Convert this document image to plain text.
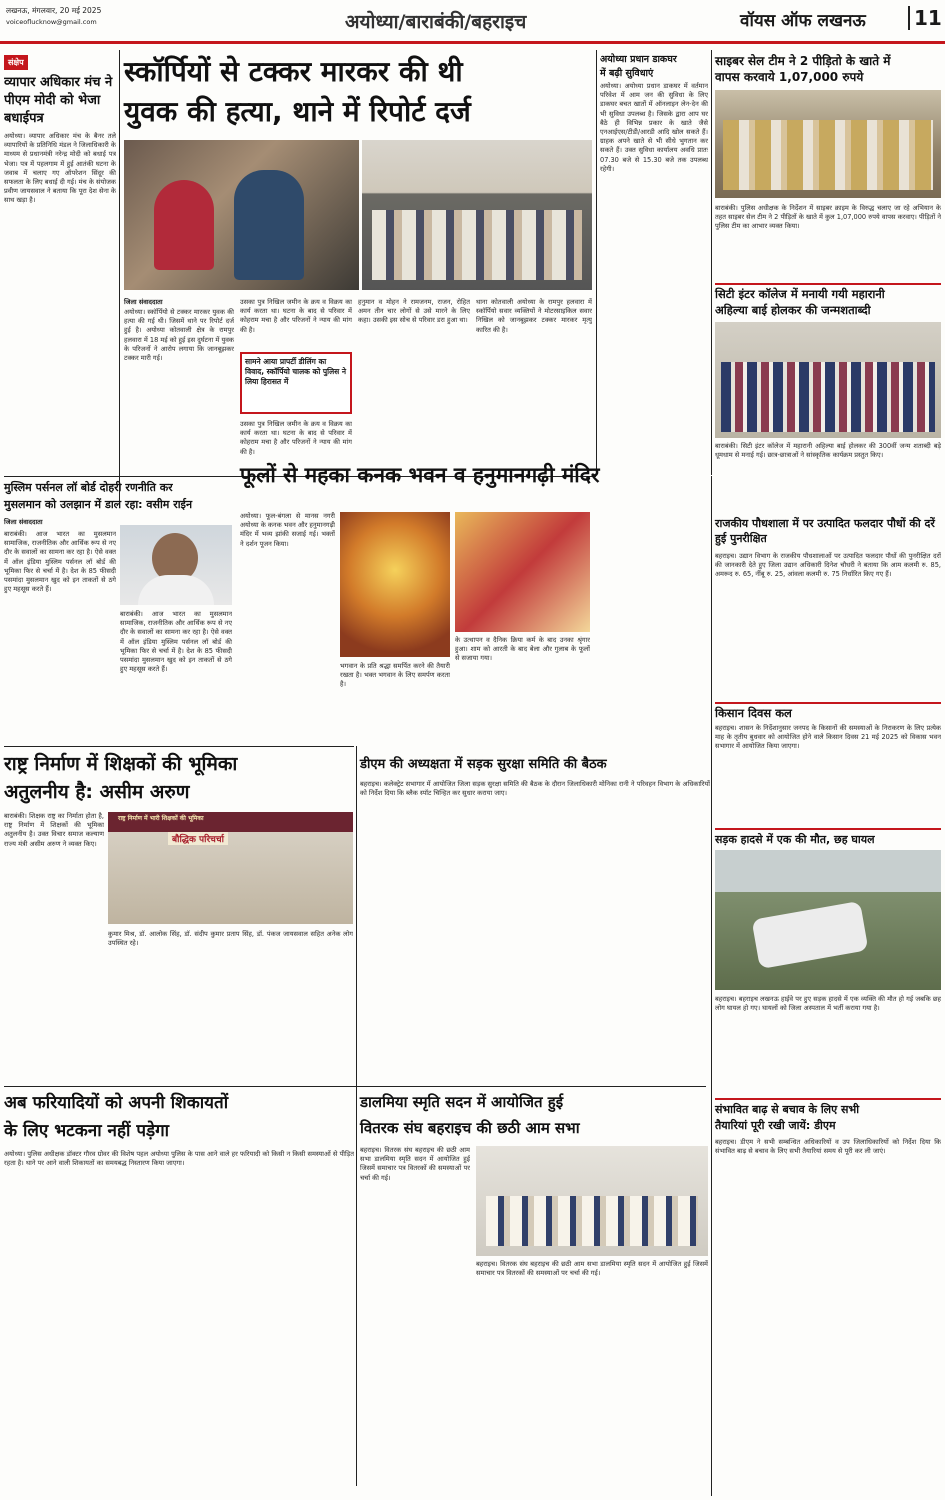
लखनऊ, मंगलवार, 20 मई 2025
voiceoflucknow@gmail.com	अयोध्या/बाराबंकी/बहराइच	वॉयस ऑफ लखनऊ	11
संक्षेप
व्यापार अधिकार मंच ने पीएम मोदी को भेजा बधाईपत्र
अयोध्या। व्यापार अधिकार मंच के बैनर तले व्यापारियों के प्रतिनिधि मंडल ने जिलाधिकारी के माध्यम से प्रधानमंत्री नरेन्द्र मोदी को बधाई पत्र भेजा। पत्र में पहलगाम में हुई आतंकी घटना के जवाब में चलाए गए ऑपरेशन सिंदूर की सफलता के लिए बधाई दी गई। मंच के संयोजक प्रवीण जायसवाल ने बताया कि पूरा देश सेना के साथ खड़ा है।
स्कॉर्पियों से टक्कर मारकर की थी
युवक की हत्या, थाने में रिपोर्ट दर्ज
जिला संवाददाता
अयोध्या। स्कॉर्पियो से टक्कर मारकर युवक की हत्या की गई थी। जिसमें थाने पर रिपोर्ट दर्ज हुई है। अयोध्या कोतवाली क्षेत्र के रामपुर हलवारा में 18 मई को हुई इस दुर्घटना में युवक के परिजनों ने आरोप लगाया कि जानबूझकर टक्कर मारी गई।
उसका पुत्र निखिल जमीन के क्रय व विक्रय का कार्य करता था। घटना के बाद से परिवार में कोहराम मचा है और परिजनों ने न्याय की मांग की है।
सामने आया प्रापर्टी डीलिंग का विवाद, स्कॉर्पियो चालक को पुलिस ने लिया हिरासत में
उसका पुत्र निखिल जमीन के क्रय व विक्रय का कार्य करता था। घटना के बाद से परिवार में कोहराम मचा है और परिजनों ने न्याय की मांग की है।
हनुमान व मोहन ने रामजनम, राजन, रोहित अमन तीन चार लोगों से उसे मारने के लिए कहा। उसकी इस सोच से परिवार डरा हुआ था।
थाना कोतवाली अयोध्या के रामपुर हलवारा में स्कॉर्पियो सवार व्यक्तियों ने मोटरसाइकिल सवार निखिल को जानबूझकर टक्कर मारकर मृत्यु कारित की है।
अयोध्या प्रधान डाकघर
में बढ़ी सुविधाएं
अयोध्या। अयोध्या प्रधान डाकघर में वर्तमान परिवेश में आम जन की सुविधा के लिए डाकघर बचत खातों में ऑनलाइन लेन-देन की भी सुविधा उपलब्ध है। जिसके द्वारा आप घर बैठे ही विभिन्न प्रकार के खाते जैसे एनआईएस/टीडी/आरडी आदि खोल सकते हैं। ग्राहक अपने खाते से भी सीधे भुगतान कर सकते हैं। उक्त सुविधा कार्यालय अवधि प्रातः 07.30 बजे से 15.30 बजे तक उपलब्ध रहेगी।
साइबर सेल टीम ने 2 पीड़ितो के खाते में
वापस करवाये 1,07,000 रुपये
बाराबंकी। पुलिस अधीक्षक के निर्देशन में साइबर क्राइम के विरुद्ध चलाए जा रहे अभियान के तहत साइबर सेल टीम ने 2 पीड़ितों के खाते में कुल 1,07,000 रुपये वापस करवाए। पीड़ितों ने पुलिस टीम का आभार व्यक्त किया।
सिटी इंटर कॉलेज में मनायी गयी महारानी
अहिल्या बाई होलकर की जन्मशताब्दी
बाराबंकी। सिटी इंटर कॉलेज में महारानी अहिल्या बाई होलकर की 300वीं जन्म शताब्दी बड़े धूमधाम से मनाई गई। छात्र-छात्राओं ने सांस्कृतिक कार्यक्रम प्रस्तुत किए।
मुस्लिम पर्सनल लॉ बोर्ड दोहरी रणनीति कर
मुसलमान को उलझान में डाल रहा: वसीम राईन
जिला संवाददाता
बाराबंकी। आज भारत का मुसलमान सामाजिक, राजनीतिक और आर्थिक रूप से नए दौर के सवालों का सामना कर रहा है। ऐसे वक्त में ऑल इंडिया मुस्लिम पर्सनल लॉ बोर्ड की भूमिका फिर से चर्चा में है। देश के 85 फीसदी पसमांदा मुसलमान खुद को इन ताकतों से ठगे हुए महसूस करते हैं।
बाराबंकी। आज भारत का मुसलमान सामाजिक, राजनीतिक और आर्थिक रूप से नए दौर के सवालों का सामना कर रहा है। ऐसे वक्त में ऑल इंडिया मुस्लिम पर्सनल लॉ बोर्ड की भूमिका फिर से चर्चा में है। देश के 85 फीसदी पसमांदा मुसलमान खुद को इन ताकतों से ठगे हुए महसूस करते हैं।
फूलों से महका कनक भवन व हनुमानगढ़ी मंदिर
अयोध्या। फूल-बंगला से मानस नगरी अयोध्या के कनक भवन और हनुमानगढ़ी मंदिर में भव्य झांकी सजाई गई। भक्तों ने दर्शन पूजन किया।
भगवान के प्रति श्रद्धा समर्पित करने की तैयारी रखता है। भक्त भगवान के लिए समर्पण करता है।
के उत्थापन व दैनिक क्रिया कर्म के बाद उनका श्रृंगार हुआ। शाम को आरती के बाद बेला और गुलाब के फूलों से सजाया गया।
राजकीय पौधशाला में पर उत्पादित फलदार पौधों की दरें हुई पुनरीक्षित
बहराइच। उद्यान विभाग के राजकीय पौधशालाओं पर उत्पादित फलदार पौधों की पुनरीक्षित दरों की जानकारी देते हुए जिला उद्यान अधिकारी दिनेश चौधरी ने बताया कि आम कलमी रु. 85, अमरूद रु. 65, नींबू रु. 25, आंवला कलमी रु. 75 निर्धारित किए गए हैं।
राष्ट्र निर्माण में शिक्षकों की भूमिका
अतुलनीय है: असीम अरुण
बाराबंकी। शिक्षक राष्ट्र का निर्माता होता है, राष्ट्र निर्माण में शिक्षकों की भूमिका अतुलनीय है। उक्त विचार समाज कल्याण राज्य मंत्री असीम अरुण ने व्यक्त किए।
राष्ट्र निर्माण में भारी शिक्षकों की भूमिका
बौद्धिक परिचर्चा
कुमार मिश्र, डॉ. आलोक सिंह, डॉ. संदीप कुमार प्रताप सिंह, डॉ. पंकज जायसवाल सहित अनेक लोग उपस्थित रहे।
डीएम की अध्यक्षता में सड़क सुरक्षा समिति की बैठक
बहराइच। कलेक्ट्रेट सभागार में आयोजित जिला सड़क सुरक्षा समिति की बैठक के दौरान जिलाधिकारी मोनिका रानी ने परिवहन विभाग के अधिकारियों को निर्देश दिया कि ब्लैक स्पॉट चिन्हित कर सुधार कराया जाए।
किसान दिवस कल
बहराइच। शासन के निर्देशानुसार जनपद के किसानों की समस्याओं के निराकरण के लिए प्रत्येक माह के तृतीय बुधवार को आयोजित होने वाले किसान दिवस 21 मई 2025 को विकास भवन सभागार में आयोजित किया जाएगा।
सड़क हादसे में एक की मौत, छह घायल
बहराइच। बहराइच लखनऊ हाईवे पर हुए सड़क हादसे में एक व्यक्ति की मौत हो गई जबकि छह लोग घायल हो गए। घायलों को जिला अस्पताल में भर्ती कराया गया है।
अब फरियादियों को अपनी शिकायतों
के लिए भटकना नहीं पड़ेगा
अयोध्या। पुलिस अधीक्षक डॉक्टर गौरव ग्रोवर की विशेष पहल अयोध्या पुलिस के पास आने वाले हर फरियादी को किसी न किसी समस्याओं से पीड़ित रहता है। थाने पर आने वाली शिकायतों का समयबद्ध निस्तारण किया जाएगा।
डालमिया स्मृति सदन में आयोजित हुई
वितरक संघ बहराइच की छठी आम सभा
बहराइच। वितरक संघ बहराइच की छठी आम सभा डालमिया स्मृति सदन में आयोजित हुई जिसमें समाचार पत्र वितरकों की समस्याओं पर चर्चा की गई।
बहराइच। वितरक संघ बहराइच की छठी आम सभा डालमिया स्मृति सदन में आयोजित हुई जिसमें समाचार पत्र वितरकों की समस्याओं पर चर्चा की गई।
संभावित बाढ़ से बचाव के लिए सभी
तैयारियां पूरी रखी जायें: डीएम
बहराइच। डीएम ने सभी सम्बन्धित अधिकारियों व उप जिलाधिकारियों को निर्देश दिया कि संभावित बाढ़ से बचाव के लिए सभी तैयारियां समय से पूरी कर ली जाएं।
